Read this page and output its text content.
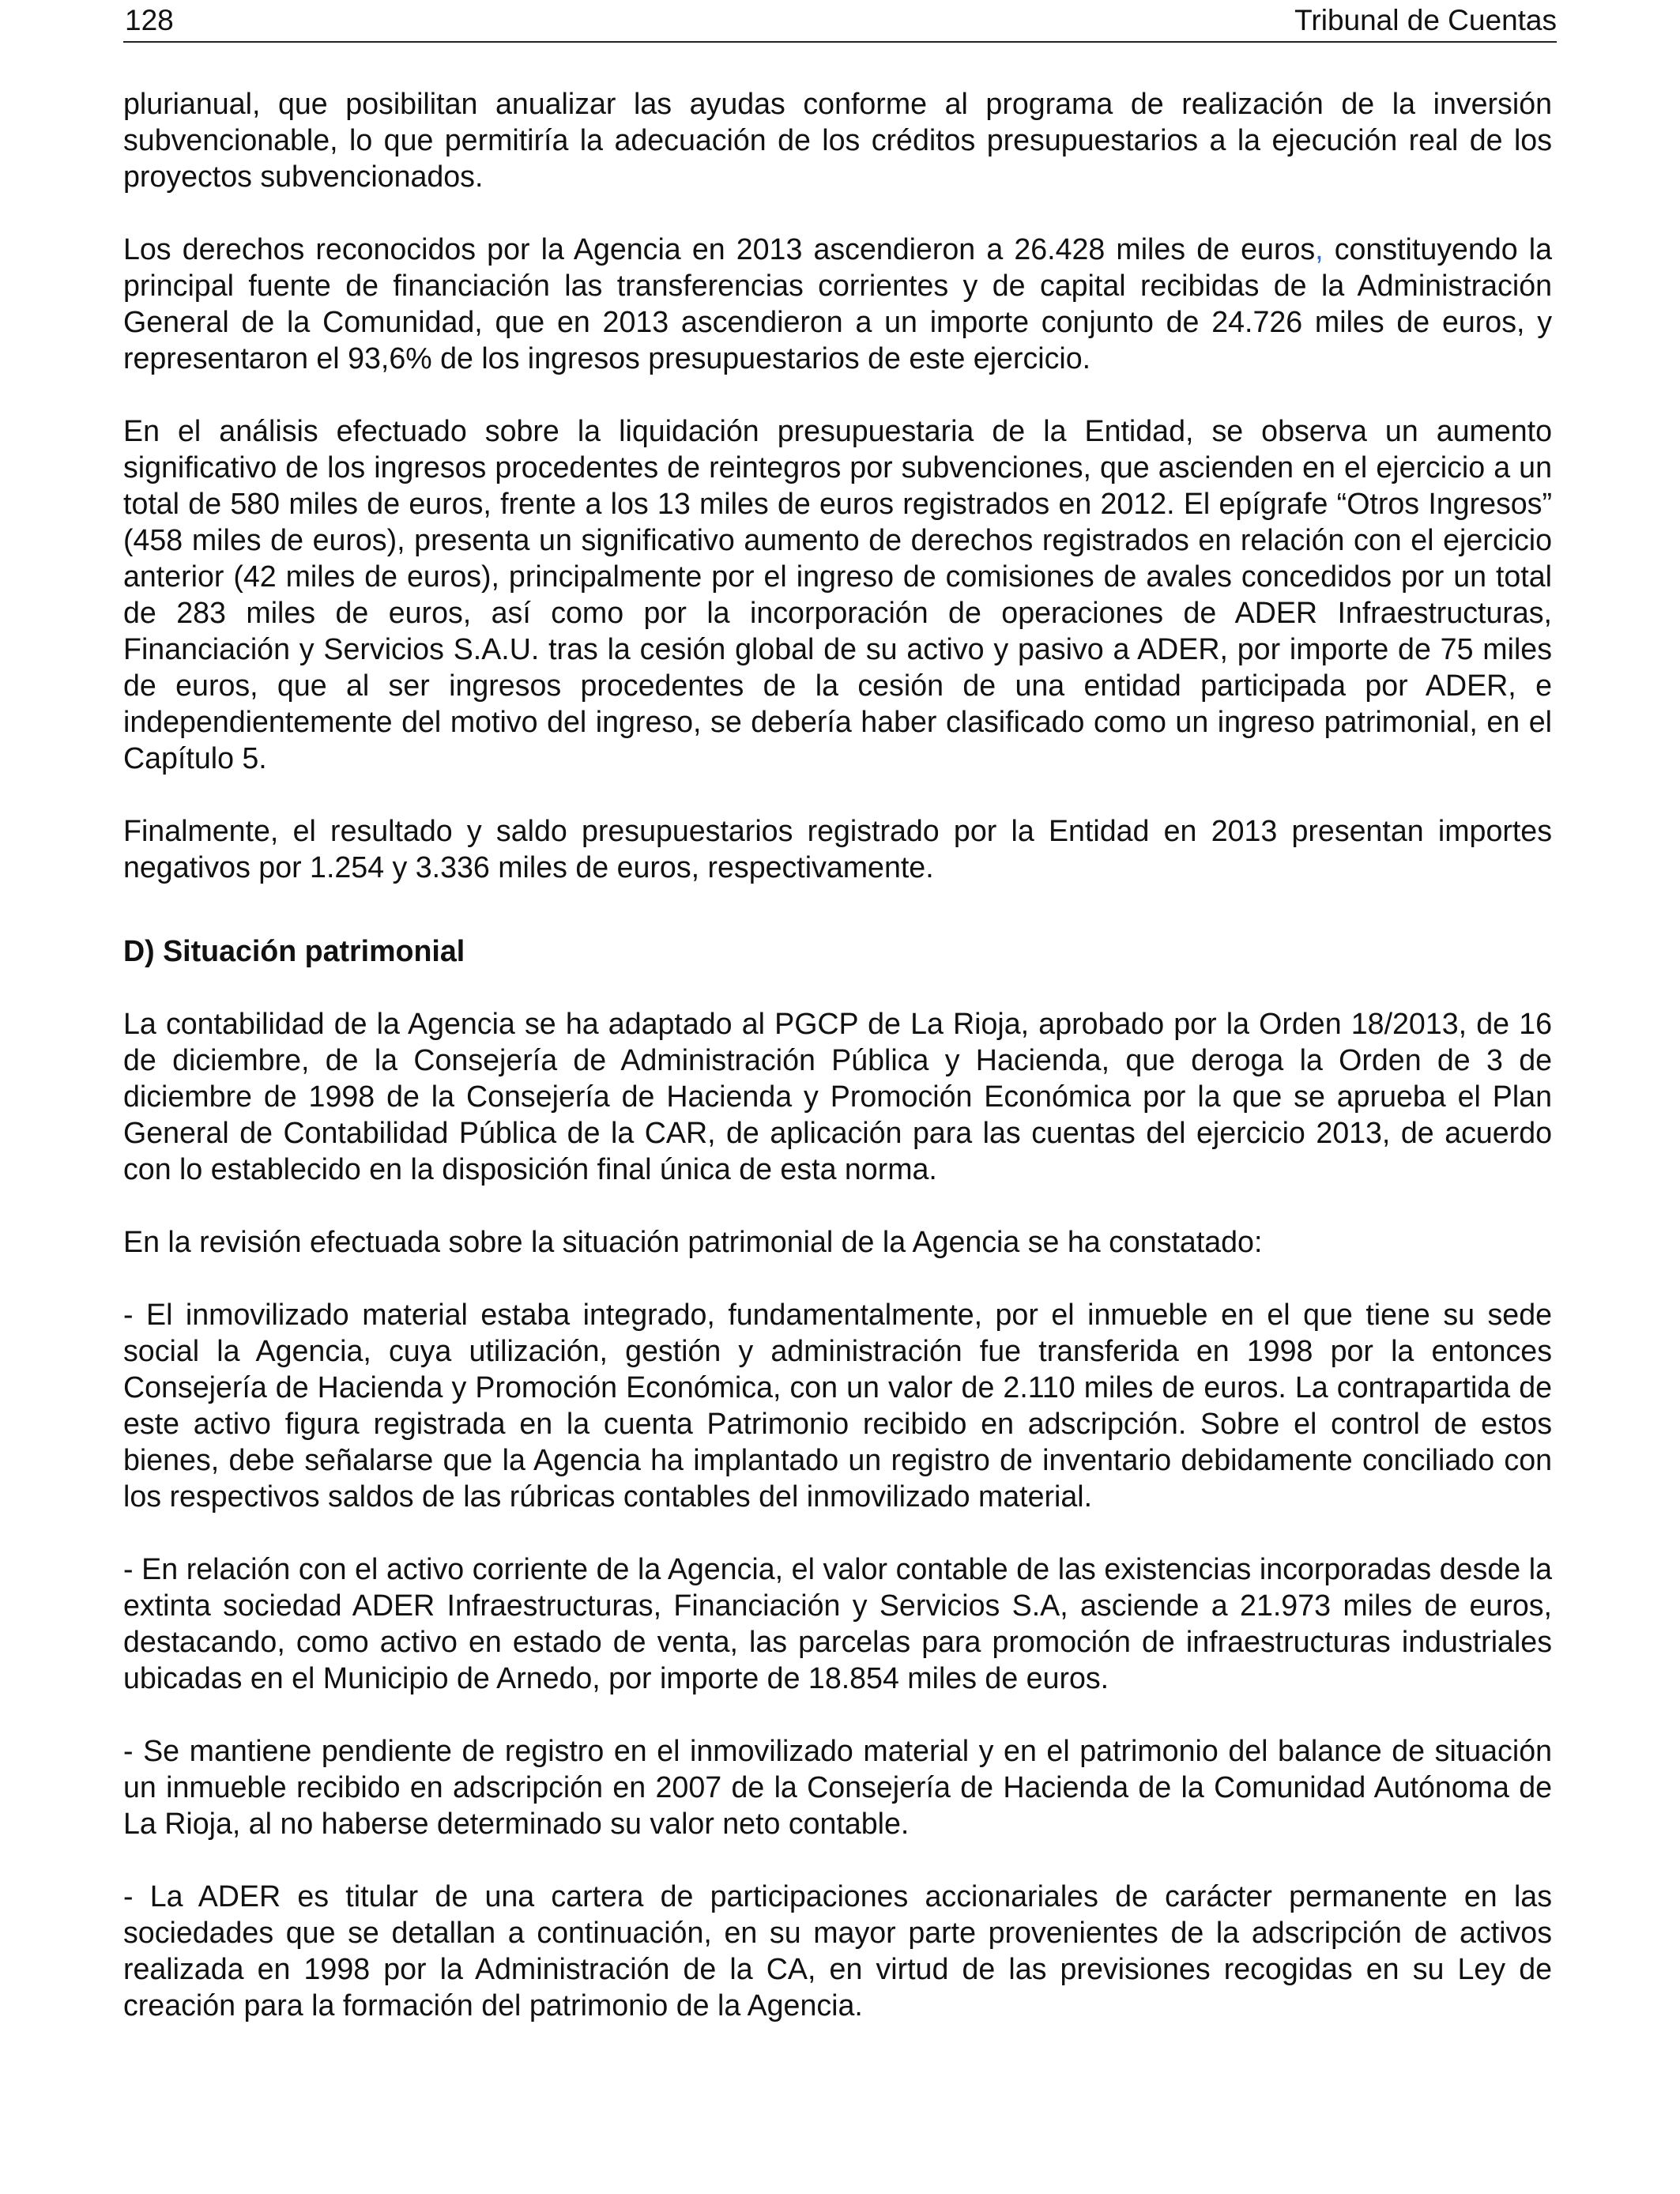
128	Tribunal de Cuentas

plurianual, que posibilitan anualizar las ayudas conforme al programa de realización de la inversión subvencionable, lo que permitiría la adecuación de los créditos presupuestarios a la ejecución real de los proyectos subvencionados.

Los derechos reconocidos por la Agencia en 2013 ascendieron a 26.428 miles de euros, constituyendo la principal fuente de financiación las transferencias corrientes y de capital recibidas de la Administración General de la Comunidad, que en 2013 ascendieron a un importe conjunto de 24.726 miles de euros, y representaron el 93,6% de los ingresos presupuestarios de este ejercicio.

En el análisis efectuado sobre la liquidación presupuestaria de la Entidad, se observa un aumento significativo de los ingresos procedentes de reintegros por subvenciones, que ascienden en el ejercicio a un total de 580 miles de euros, frente a los 13 miles de euros registrados en 2012. El epígrafe “Otros Ingresos” (458 miles de euros), presenta un significativo aumento de derechos registrados en relación con el ejercicio anterior (42 miles de euros), principalmente por el ingreso de comisiones de avales concedidos por un total de 283 miles de euros, así como por la incorporación de operaciones de ADER Infraestructuras, Financiación y Servicios S.A.U. tras la cesión global de su activo y pasivo a ADER, por importe de 75 miles de euros, que al ser ingresos procedentes de la cesión de una entidad participada por ADER, e independientemente del motivo del ingreso, se debería haber clasificado como un ingreso patrimonial, en el Capítulo 5.

Finalmente, el resultado y saldo presupuestarios registrado por la Entidad en 2013 presentan importes negativos por 1.254 y 3.336 miles de euros, respectivamente.

D) Situación patrimonial

La contabilidad de la Agencia se ha adaptado al PGCP de La Rioja, aprobado por la Orden 18/2013, de 16 de diciembre, de la Consejería de Administración Pública y Hacienda, que deroga la Orden de 3 de diciembre de 1998 de la Consejería de Hacienda y Promoción Económica por la que se aprueba el Plan General de Contabilidad Pública de la CAR, de aplicación para las cuentas del ejercicio 2013, de acuerdo con lo establecido en la disposición final única de esta norma.

En la revisión efectuada sobre la situación patrimonial de la Agencia se ha constatado:

- El inmovilizado material estaba integrado, fundamentalmente, por el inmueble en el que tiene su sede social la Agencia, cuya utilización, gestión y administración fue transferida en 1998 por la entonces Consejería de Hacienda y Promoción Económica, con un valor de 2.110 miles de euros. La contrapartida de este activo figura registrada en la cuenta Patrimonio recibido en adscripción. Sobre el control de estos bienes, debe señalarse que la Agencia ha implantado un registro de inventario debidamente conciliado con los respectivos saldos de las rúbricas contables del inmovilizado material.

- En relación con el activo corriente de la Agencia, el valor contable de las existencias incorporadas desde la extinta sociedad ADER Infraestructuras, Financiación y Servicios S.A, asciende a 21.973 miles de euros, destacando, como activo en estado de venta, las parcelas para promoción de infraestructuras industriales ubicadas en el Municipio de Arnedo, por importe de 18.854 miles de euros.

- Se mantiene pendiente de registro en el inmovilizado material y en el patrimonio del balance de situación un inmueble recibido en adscripción en 2007 de la Consejería de Hacienda de la Comunidad Autónoma de La Rioja, al no haberse determinado su valor neto contable.

- La ADER es titular de una cartera de participaciones accionariales de carácter permanente en las sociedades que se detallan a continuación, en su mayor parte provenientes de la adscripción de activos realizada en 1998 por la Administración de la CA, en virtud de las previsiones recogidas en su Ley de creación para la formación del patrimonio de la Agencia.
